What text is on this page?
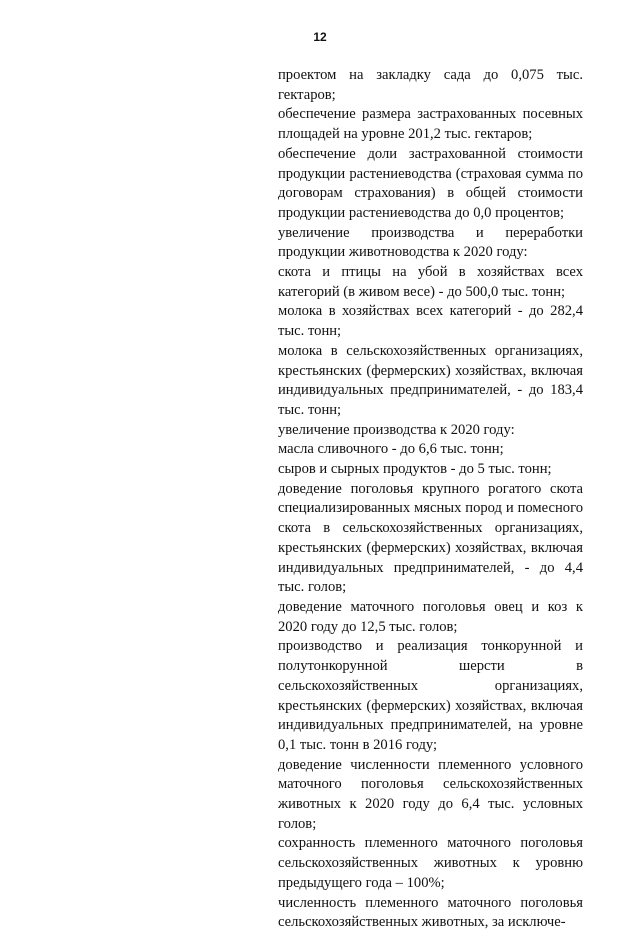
12

проектом на закладку сада до 0,075 тыс. гектаров;

обеспечение размера застрахованных посевных площадей на уровне 201,2 тыс. гектаров;

обеспечение доли застрахованной стоимости продукции растениеводства (страховая сумма по договорам страхования) в общей стоимости продукции растениеводства до 0,0 процентов;

увеличение производства и переработки продукции животноводства к 2020 году:

скота и птицы на убой в хозяйствах всех категорий (в живом весе) - до 500,0 тыс. тонн;

молока в хозяйствах всех категорий - до 282,4 тыс. тонн;

молока в сельскохозяйственных организациях, крестьянских (фермерских) хозяйствах, включая индивидуальных предпринимателей, - до 183,4 тыс. тонн;

увеличение производства к 2020 году:

масла сливочного - до 6,6 тыс. тонн;

сыров и сырных продуктов - до 5 тыс. тонн;

доведение поголовья крупного рогатого скота специализированных мясных пород и помесного скота в сельскохозяйственных организациях, крестьянских (фермерских) хозяйствах, включая индивидуальных предпринимателей, - до 4,4 тыс. голов;

доведение маточного поголовья овец и коз к 2020 году до 12,5 тыс. голов;

производство и реализация тонкорунной и полутонкорунной шерсти в сельскохозяйственных организациях, крестьянских (фермерских) хозяйствах, включая индивидуальных предпринимателей, на уровне 0,1 тыс. тонн в 2016 году;

доведение численности племенного условного маточного поголовья сельскохозяйственных животных к 2020 году до 6,4 тыс. условных голов;

сохранность племенного маточного поголовья сельскохозяйственных животных к уровню предыдущего года – 100%;

численность племенного маточного поголовья сельскохозяйственных животных, за исключе-
